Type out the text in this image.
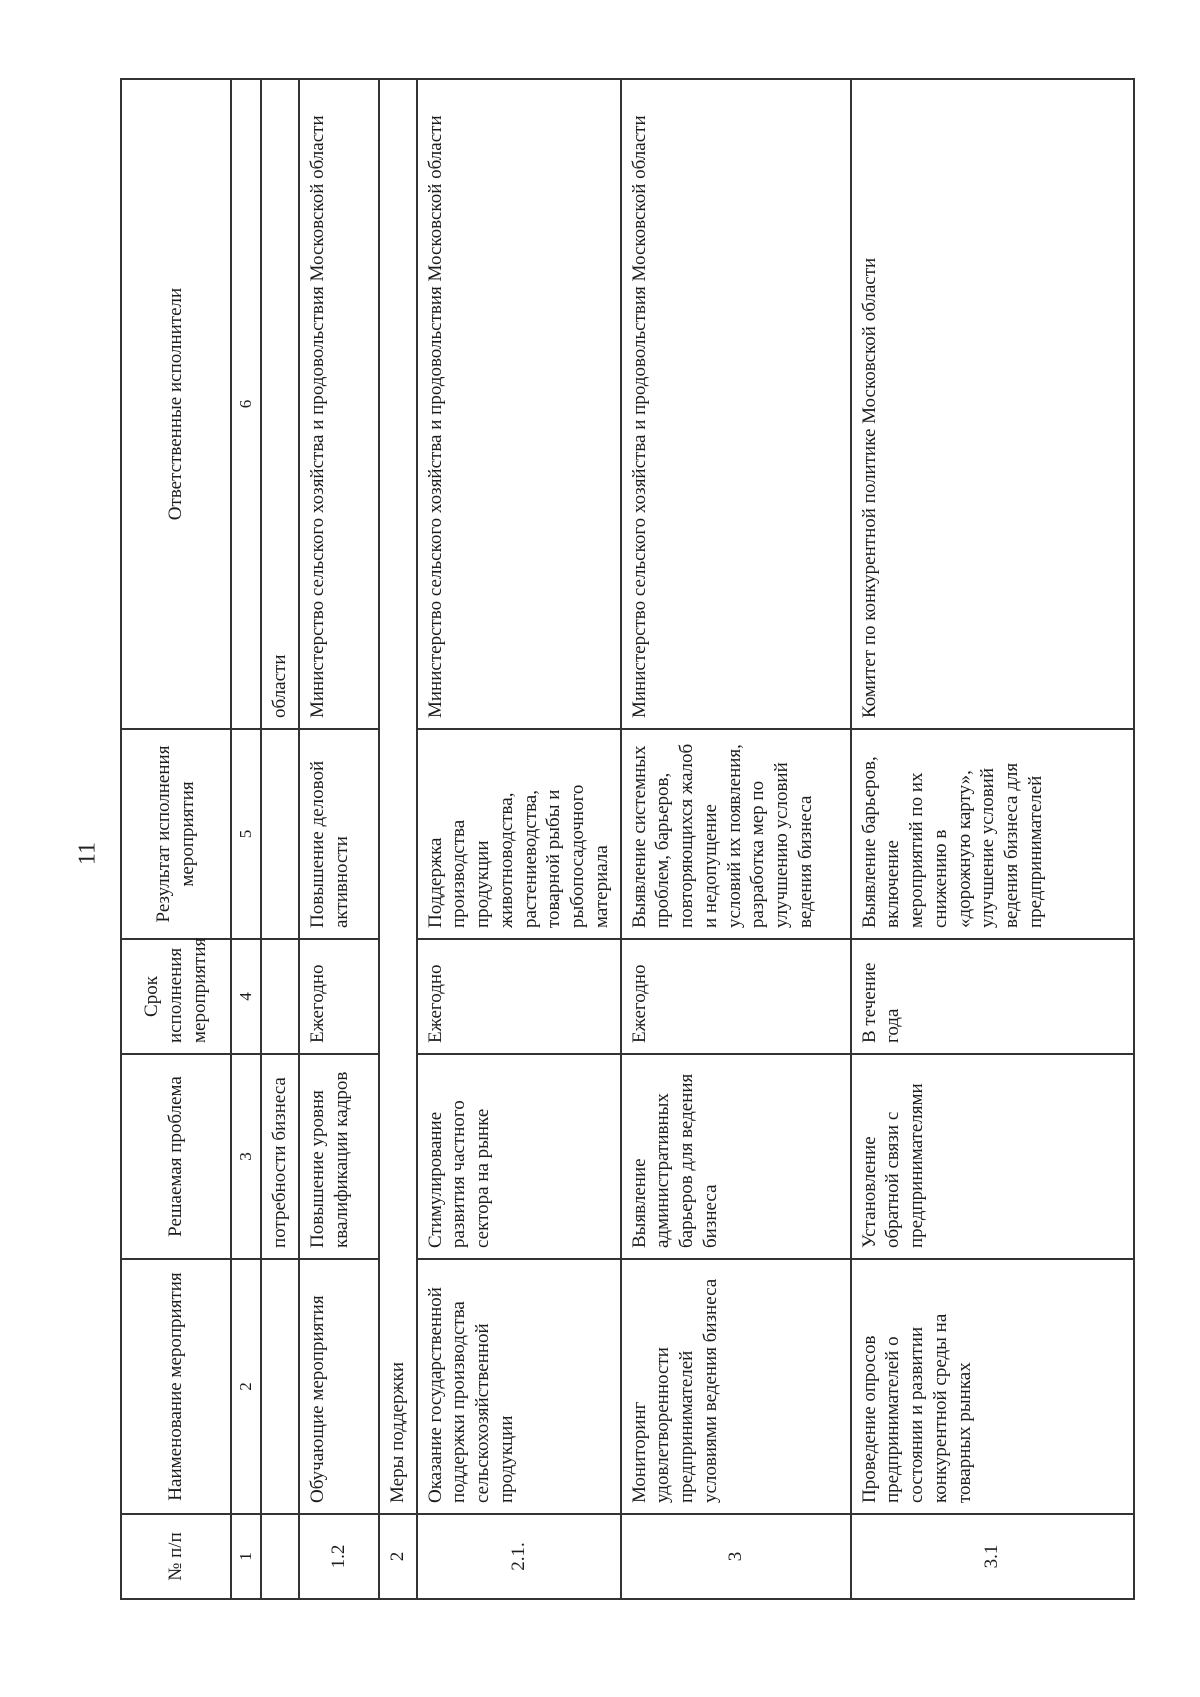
11
№ п/п	Наименование мероприятия	Решаемая проблема	Срок исполнения мероприятия	Результат исполнения мероприятия	Ответственные исполнители
1	2	3	4	5	6
		потребности бизнеса			области
1.2	Обучающие мероприятия	Повышение уровня квалификации кадров	Ежегодно	Повышение деловой активности	Министерство сельского хозяйства и продовольствия Московской области
2	Меры поддержки				
2.1.	Оказание государственной поддержки производства сельскохозяйственной продукции	Стимулирование развития частного сектора на рынке	Ежегодно	Поддержка производства продукции животноводства, растениеводства, товарной рыбы и рыбопосадочного материала	Министерство сельского хозяйства и продовольствия Московской области
3	Мониторинг удовлетворенности предпринимателей условиями ведения бизнеса	Выявление административных барьеров для ведения бизнеса	Ежегодно	Выявление системных проблем, барьеров, повторяющихся жалоб и недопущение условий их появления, разработка мер по улучшению условий ведения бизнеса	Министерство сельского хозяйства и продовольствия Московской области
3.1	Проведение опросов предпринимателей о состоянии и развитии конкурентной среды на товарных рынках	Установление обратной связи с предпринимателями	В течение года	Выявление барьеров, включение мероприятий по их снижению в «дорожную карту», улучшение условий ведения бизнеса для предпринимателей	Комитет по конкурентной политике Московской области
